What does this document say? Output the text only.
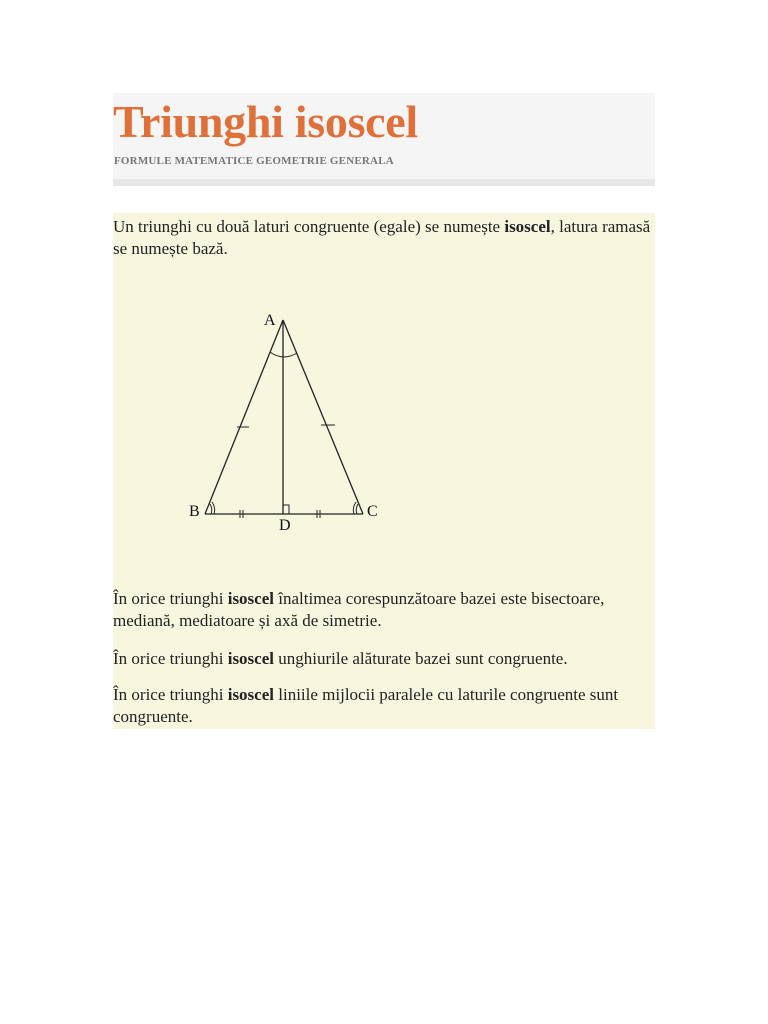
Triunghi isoscel
FORMULE MATEMATICE GEOMETRIE GENERALA

Un triunghi cu două laturi congruente (egale) se numește isoscel, latura ramasă se numește bază.

A
B	C
D

În orice triunghi isoscel înaltimea corespunzătoare bazei este bisectoare, mediană, mediatoare și axă de simetrie.

În orice triunghi isoscel unghiurile alăturate bazei sunt congruente.

În orice triunghi isoscel liniile mijlocii paralele cu laturile congruente sunt congruente.
